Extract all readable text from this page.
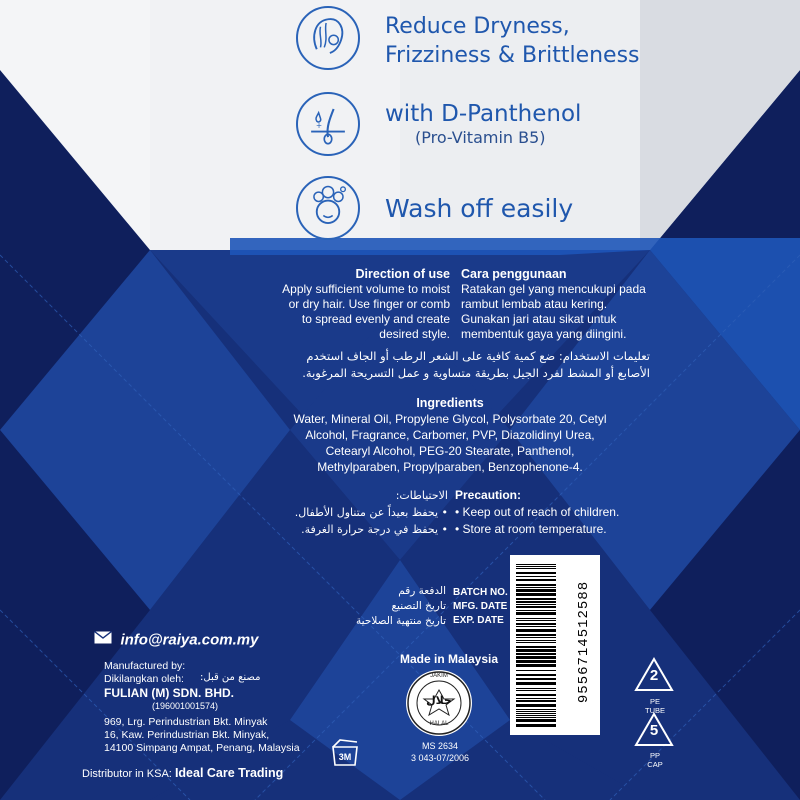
+
Reduce Dryness,
Frizziness & Brittleness
with D-Panthenol
(Pro-Vitamin B5)
Wash off easily
Direction of use
Apply sufficient volume to moist
or dry hair. Use finger or comb
to spread evenly and create
desired style.
Cara penggunaan
Ratakan gel yang mencukupi pada
rambut lembab atau kering.
Gunakan jari atau sikat untuk
membentuk gaya yang diingini.
تعليمات الاستخدام: ضع كمية كافية على الشعر الرطب أو الجاف استخدم
الأصابع أو المشط لفرد الجيل بطريقة متساوية و عمل التسريحة المرغوبة.
Ingredients
Water, Mineral Oil, Propylene Glycol, Polysorbate 20, Cetyl
Alcohol, Fragrance, Carbomer, PVP, Diazolidinyl Urea,
Cetearyl Alcohol, PEG-20 Stearate, Panthenol,
Methylparaben, Propylparaben, Benzophenone-4.
Precaution:
• Keep out of reach of children.
• Store at room temperature.
الاحتياطات:
• يحفظ بعيداً عن متناول الأطفال.
• يحفظ في درجة حرارة الغرفة.
BATCH NO.
MFG. DATE
EXP. DATE
الدفعة رقم
تاريخ التصنيع
تاريخ منتهية الصلاحية
Made in Malaysia
JAKIM
حلال
HALAL
MS 2634
3 043-07/2006
9556714512588
info@raiya.com.my
Manufactured by:
Dikilangkan oleh:
FULIAN (M) SDN. BHD.
(196001001574)
969, Lrg. Perindustrian Bkt. Minyak
16, Kaw. Perindustrian Bkt. Minyak,
14100 Simpang Ampat, Penang, Malaysia
مصنع من قبل:
Distributor in KSA: Ideal Care Trading
3M
2
PE
TUBE
5
PP
CAP
